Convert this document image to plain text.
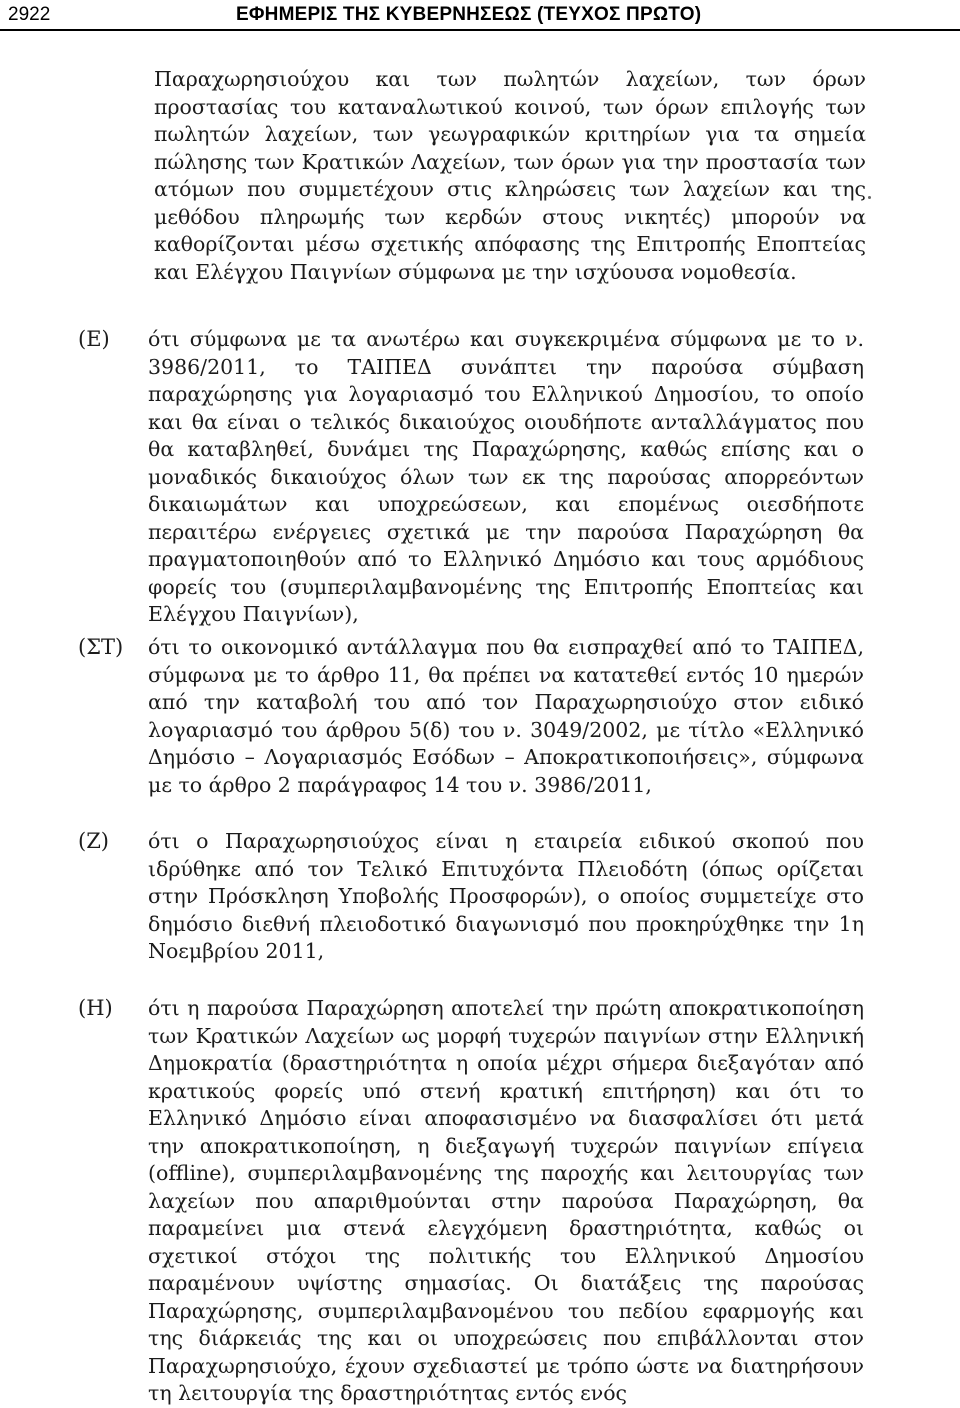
2922	ΕΦΗΜΕΡΙΣ ΤΗΣ ΚΥΒΕΡΝΗΣΕΩΣ (ΤΕΥΧΟΣ ΠΡΩΤΟ)
Παραχωρησιούχου και των πωλητών λαχείων, των όρων προστασίας του καταναλωτικού κοινού, των όρων επιλογής των πωλητών λαχείων, των γεωγραφικών κριτηρίων για τα σημεία πώλησης των Κρατικών Λαχείων, των όρων για την προστασία των ατόμων που συμμετέχουν στις κληρώσεις των λαχείων και της μεθόδου πληρωμής των κερδών στους νικητές) μπορούν να καθορίζονται μέσω σχετικής απόφασης της Επιτροπής Εποπτείας και Ελέγχου Παιγνίων σύμφωνα με την ισχύουσα νομοθεσία.
(Ε) ότι σύμφωνα με τα ανωτέρω και συγκεκριμένα σύμφωνα με το ν. 3986/2011, το ΤΑΙΠΕΔ συνάπτει την παρούσα σύμβαση παραχώρησης για λογαριασμό του Ελληνικού Δημοσίου, το οποίο και θα είναι ο τελικός δικαιούχος οιουδήποτε ανταλλάγματος που θα καταβληθεί, δυνάμει της Παραχώρησης, καθώς επίσης και ο μοναδικός δικαιούχος όλων των εκ της παρούσας απορρεόντων δικαιωμάτων και υποχρεώσεων, και επομένως οιεσδήποτε περαιτέρω ενέργειες σχετικά με την παρούσα Παραχώρηση θα πραγματοποιηθούν από το Ελληνικό Δημόσιο και τους αρμόδιους φορείς του (συμπεριλαμβανομένης της Επιτροπής Εποπτείας και Ελέγχου Παιγνίων),
(ΣΤ) ότι το οικονομικό αντάλλαγμα που θα εισπραχθεί από το ΤΑΙΠΕΔ, σύμφωνα με το άρθρο 11, θα πρέπει να κατατεθεί εντός 10 ημερών από την καταβολή του από τον Παραχωρησιούχο στον ειδικό λογαριασμό του άρθρου 5(δ) του ν. 3049/2002, με τίτλο «Ελληνικό Δημόσιο – Λογαριασμός Εσόδων – Αποκρατικοποιήσεις», σύμφωνα με το άρθρο 2 παράγραφος 14 του ν. 3986/2011,
(Ζ) ότι ο Παραχωρησιούχος είναι η εταιρεία ειδικού σκοπού που ιδρύθηκε από τον Τελικό Επιτυχόντα Πλειοδότη (όπως ορίζεται στην Πρόσκληση Υποβολής Προσφορών), ο οποίος συμμετείχε στο δημόσιο διεθνή πλειοδοτικό διαγωνισμό που προκηρύχθηκε την 1η Νοεμβρίου 2011,
(Η) ότι η παρούσα Παραχώρηση αποτελεί την πρώτη αποκρατικοποίηση των Κρατικών Λαχείων ως μορφή τυχερών παιγνίων στην Ελληνική Δημοκρατία (δραστηριότητα η οποία μέχρι σήμερα διεξαγόταν από κρατικούς φορείς υπό στενή κρατική επιτήρηση) και ότι το Ελληνικό Δημόσιο είναι αποφασισμένο να διασφαλίσει ότι μετά την αποκρατικοποίηση, η διεξαγωγή τυχερών παιγνίων επίγεια (offline), συμπεριλαμβανομένης της παροχής και λειτουργίας των λαχείων που απαριθμούνται στην παρούσα Παραχώρηση, θα παραμείνει μια στενά ελεγχόμενη δραστηριότητα, καθώς οι σχετικοί στόχοι της πολιτικής του Ελληνικού Δημοσίου παραμένουν υψίστης σημασίας. Οι διατάξεις της παρούσας Παραχώρησης, συμπεριλαμβανομένου του πεδίου εφαρμογής και της διάρκειάς της και οι υποχρεώσεις που επιβάλλονται στον Παραχωρησιούχο, έχουν σχεδιαστεί με τρόπο ώστε να διατηρήσουν τη λειτουργία της δραστηριότητας εντός ενός
